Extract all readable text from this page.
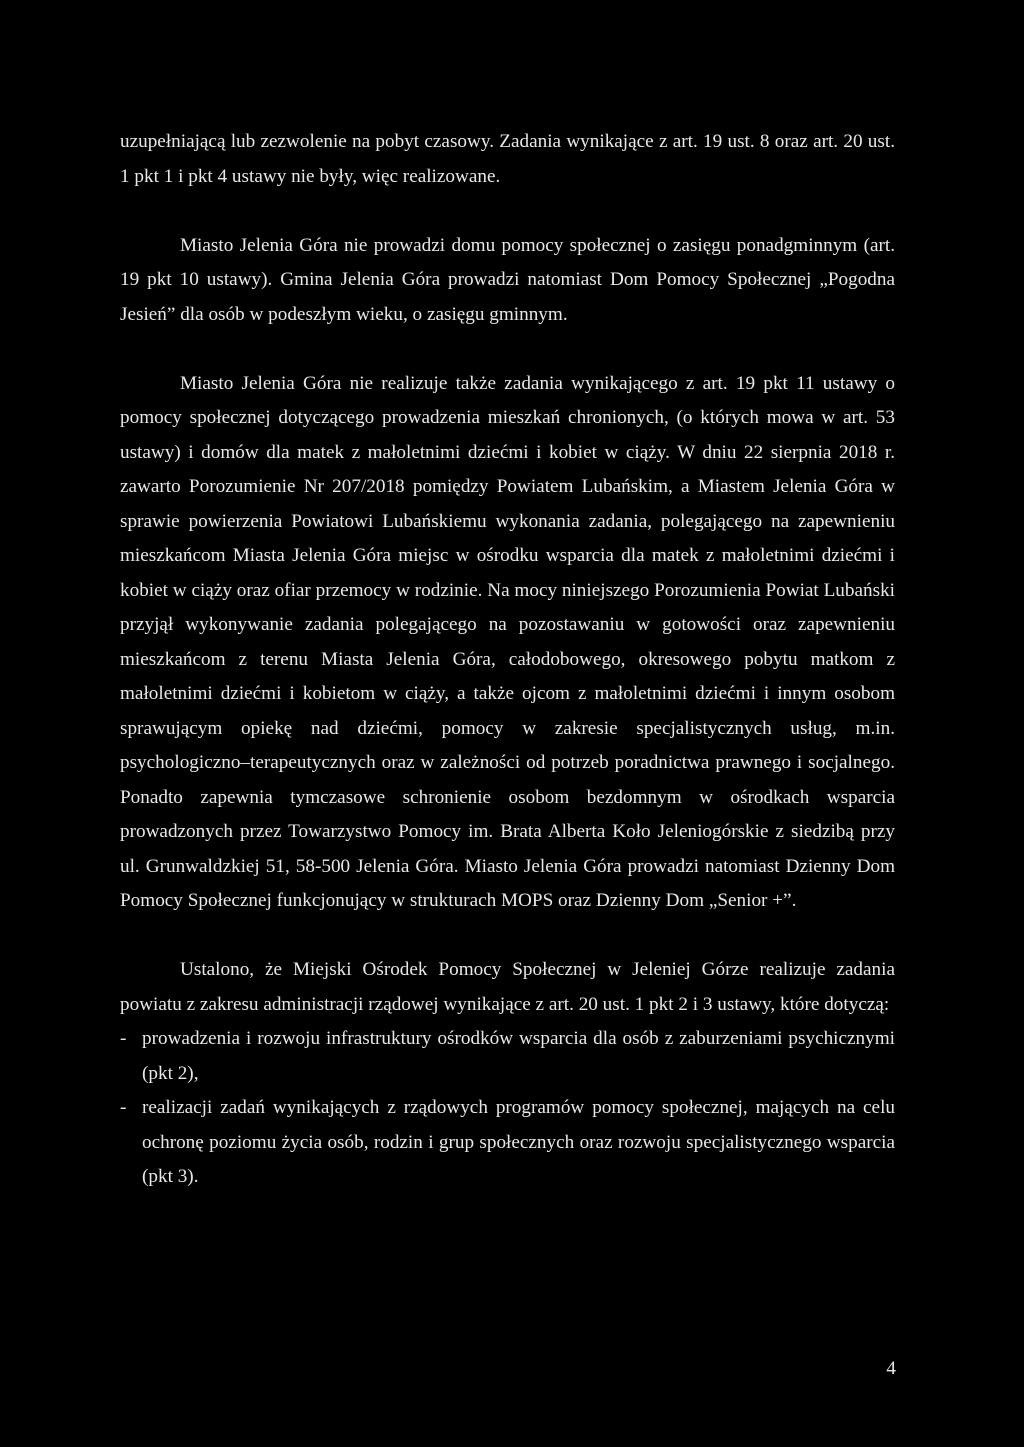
uzupełniającą lub zezwolenie na pobyt czasowy. Zadania wynikające z art. 19 ust. 8 oraz art. 20 ust. 1 pkt 1 i pkt 4 ustawy nie były, więc realizowane.

Miasto Jelenia Góra nie prowadzi domu pomocy społecznej o zasięgu ponadgminnym (art. 19 pkt 10 ustawy). Gmina Jelenia Góra prowadzi natomiast Dom Pomocy Społecznej „Pogodna Jesień” dla osób w podeszłym wieku, o zasięgu gminnym.

Miasto Jelenia Góra nie realizuje także zadania wynikającego z art. 19 pkt 11 ustawy o pomocy społecznej dotyczącego prowadzenia mieszkań chronionych, (o których mowa w art. 53 ustawy) i domów dla matek z małoletnimi dziećmi i kobiet w ciąży. W dniu 22 sierpnia 2018 r. zawarto Porozumienie Nr 207/2018 pomiędzy Powiatem Lubańskim, a Miastem Jelenia Góra w sprawie powierzenia Powiatowi Lubańskiemu wykonania zadania, polegającego na zapewnieniu mieszkańcom Miasta Jelenia Góra miejsc w ośrodku wsparcia dla matek z małoletnimi dziećmi i kobiet w ciąży oraz ofiar przemocy w rodzinie. Na mocy niniejszego Porozumienia Powiat Lubański przyjął wykonywanie zadania polegającego na pozostawaniu w gotowości oraz zapewnieniu mieszkańcom z terenu Miasta Jelenia Góra, całodobowego, okresowego pobytu matkom z małoletnimi dziećmi i kobietom w ciąży, a także ojcom z małoletnimi dziećmi i innym osobom sprawującym opiekę nad dziećmi, pomocy w zakresie specjalistycznych usług, m.in. psychologiczno–terapeutycznych oraz w zależności od potrzeb poradnictwa prawnego i socjalnego. Ponadto zapewnia tymczasowe schronienie osobom bezdomnym w ośrodkach wsparcia prowadzonych przez Towarzystwo Pomocy im. Brata Alberta Koło Jeleniogórskie z siedzibą przy ul. Grunwaldzkiej 51, 58-500 Jelenia Góra. Miasto Jelenia Góra prowadzi natomiast Dzienny Dom Pomocy Społecznej funkcjonujący w strukturach MOPS oraz Dzienny Dom „Senior +”.

Ustalono, że Miejski Ośrodek Pomocy Społecznej w Jeleniej Górze realizuje zadania powiatu z zakresu administracji rządowej wynikające z art. 20 ust. 1 pkt 2 i 3 ustawy, które dotyczą:

- prowadzenia i rozwoju infrastruktury ośrodków wsparcia dla osób z zaburzeniami psychicznymi (pkt 2),
- realizacji zadań wynikających z rządowych programów pomocy społecznej, mających na celu ochronę poziomu życia osób, rodzin i grup społecznych oraz rozwoju specjalistycznego wsparcia (pkt 3).
4
